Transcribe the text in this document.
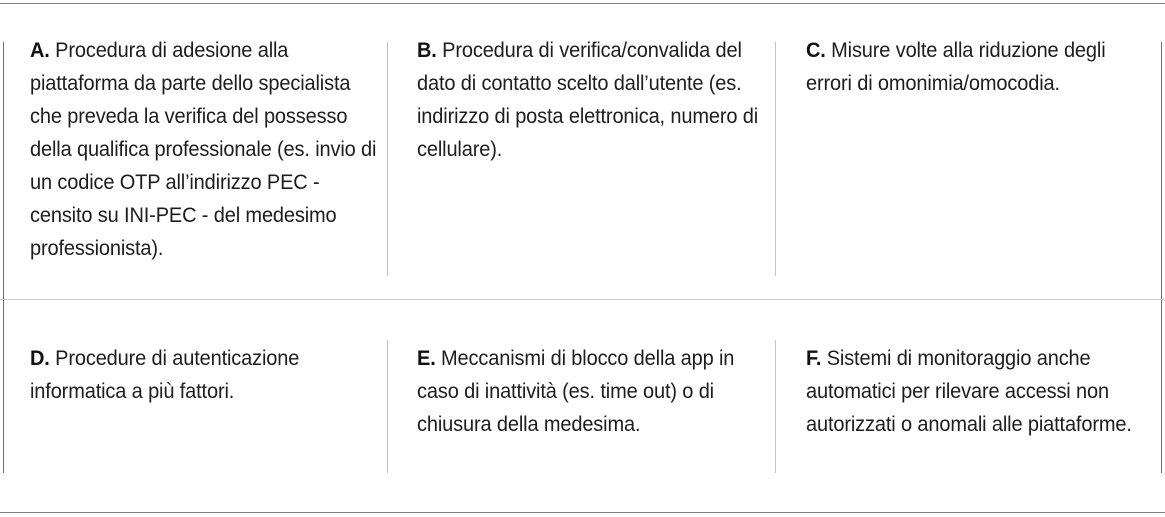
A. Procedura di adesione alla piattaforma da parte dello specialista che preveda la verifica del possesso della qualifica professionale (es. invio di un codice OTP all’indirizzo PEC - censito su INI-PEC - del medesimo professionista).

B. Procedura di verifica/convalida del dato di contatto scelto dall’utente (es. indirizzo di posta elettronica, numero di cellulare).

C. Misure volte alla riduzione degli errori di omonimia/omocodia.

D. Procedure di autenticazione informatica a più fattori.

E. Meccanismi di blocco della app in caso di inattività (es. time out) o di chiusura della medesima.

F. Sistemi di monitoraggio anche automatici per rilevare accessi non autorizzati o anomali alle piattaforme.
